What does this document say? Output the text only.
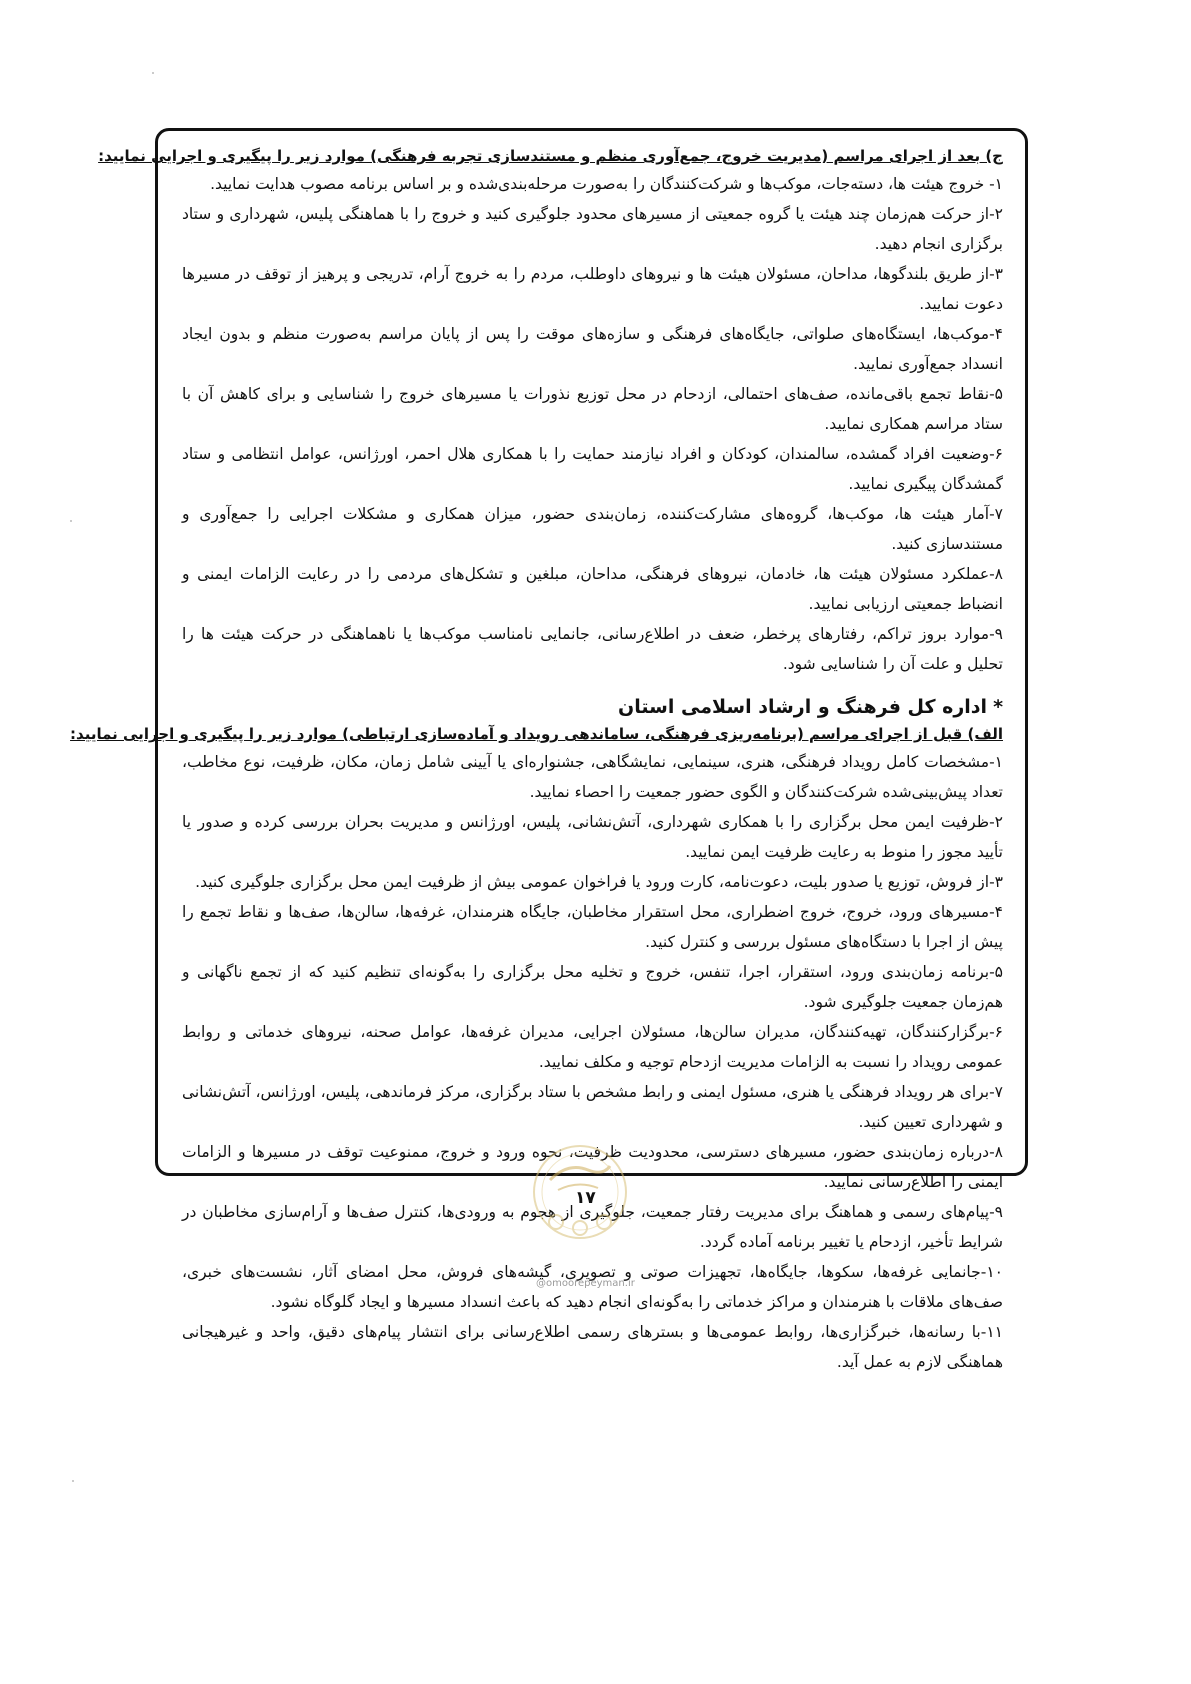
ج) بعد از اجرای مراسم (مدیریت خروج، جمع‌آوری منظم و مستندسازی تجربه فرهنگی) موارد زیر را پیگیری و اجرایی نمایید:

۱- خروج هیئت ها، دسته‌جات، موکب‌ها و شرکت‌کنندگان را به‌صورت مرحله‌بندی‌شده و بر اساس برنامه مصوب هدایت نمایید.

۲-از حرکت هم‌زمان چند هیئت یا گروه جمعیتی از مسیرهای محدود جلوگیری کنید و خروج را با هماهنگی پلیس، شهرداری و ستاد برگزاری انجام دهید.

۳-از طریق بلندگوها، مداحان، مسئولان هیئت ها و نیروهای داوطلب، مردم را به خروج آرام، تدریجی و پرهیز از توقف در مسیرها دعوت نمایید.

۴-موکب‌ها، ایستگاه‌های صلواتی، جایگاه‌های فرهنگی و سازه‌های موقت را پس از پایان مراسم به‌صورت منظم و بدون ایجاد انسداد جمع‌آوری نمایید.

۵-نقاط تجمع باقی‌مانده، صف‌های احتمالی، ازدحام در محل توزیع نذورات یا مسیرهای خروج را شناسایی و برای کاهش آن با ستاد مراسم همکاری نمایید.

۶-وضعیت افراد گمشده، سالمندان، کودکان و افراد نیازمند حمایت را با همکاری هلال احمر، اورژانس، عوامل انتظامی و ستاد گمشدگان پیگیری نمایید.

۷-آمار هیئت ها، موکب‌ها، گروه‌های مشارکت‌کننده، زمان‌بندی حضور، میزان همکاری و مشکلات اجرایی را جمع‌آوری و مستندسازی کنید.

۸-عملکرد مسئولان هیئت ها، خادمان، نیروهای فرهنگی، مداحان، مبلغین و تشکل‌های مردمی را در رعایت الزامات ایمنی و انضباط جمعیتی ارزیابی نمایید.

۹-موارد بروز تراکم، رفتارهای پرخطر، ضعف در اطلاع‌رسانی، جانمایی نامناسب موکب‌ها یا ناهماهنگی در حرکت هیئت ها را تحلیل و علت آن را شناسایی شود.

*اداره کل فرهنگ و ارشاد اسلامی استان
الف) قبل از اجرای مراسم (برنامه‌ریزی فرهنگی، ساماندهی رویداد و آماده‌سازی ارتباطی) موارد زیر را پیگیری و اجرایی نمایید:

۱-مشخصات کامل رویداد فرهنگی، هنری، سینمایی، نمایشگاهی، جشنواره‌ای یا آیینی شامل زمان، مکان، ظرفیت، نوع مخاطب، تعداد پیش‌بینی‌شده شرکت‌کنندگان و الگوی حضور جمعیت را احصاء نمایید.

۲-ظرفیت ایمن محل برگزاری را با همکاری شهرداری، آتش‌نشانی، پلیس، اورژانس و مدیریت بحران بررسی کرده و صدور یا تأیید مجوز را منوط به رعایت ظرفیت ایمن نمایید.

۳-از فروش، توزیع یا صدور بلیت، دعوت‌نامه، کارت ورود یا فراخوان عمومی بیش از ظرفیت ایمن محل برگزاری جلوگیری کنید.

۴-مسیرهای ورود، خروج، خروج اضطراری، محل استقرار مخاطبان، جایگاه هنرمندان، غرفه‌ها، سالن‌ها، صف‌ها و نقاط تجمع را پیش از اجرا با دستگاه‌های مسئول بررسی و کنترل کنید.

۵-برنامه زمان‌بندی ورود، استقرار، اجرا، تنفس، خروج و تخلیه محل برگزاری را به‌گونه‌ای تنظیم کنید که از تجمع ناگهانی و هم‌زمان جمعیت جلوگیری شود.

۶-برگزارکنندگان، تهیه‌کنندگان، مدیران سالن‌ها، مسئولان اجرایی، مدیران غرفه‌ها، عوامل صحنه، نیروهای خدماتی و روابط عمومی رویداد را نسبت به الزامات مدیریت ازدحام توجیه و مکلف نمایید.

۷-برای هر رویداد فرهنگی یا هنری، مسئول ایمنی و رابط مشخص با ستاد برگزاری، مرکز فرماندهی، پلیس، اورژانس، آتش‌نشانی و شهرداری تعیین کنید.

۸-درباره زمان‌بندی حضور، مسیرهای دسترسی، محدودیت ظرفیت، نحوه ورود و خروج، ممنوعیت توقف در مسیرها و الزامات ایمنی را اطلاع‌رسانی نمایید.

۹-پیام‌های رسمی و هماهنگ برای مدیریت رفتار جمعیت، جلوگیری از هجوم به ورودی‌ها، کنترل صف‌ها و آرام‌سازی مخاطبان در شرایط تأخیر، ازدحام یا تغییر برنامه آماده گردد.

۱۰-جانمایی غرفه‌ها، سکوها، جایگاه‌ها، تجهیزات صوتی و تصویری، گیشه‌های فروش، محل امضای آثار، نشست‌های خبری، صف‌های ملاقات با هنرمندان و مراکز خدماتی را به‌گونه‌ای انجام دهید که باعث انسداد مسیرها و ایجاد گلوگاه نشود.

۱۱-با رسانه‌ها، خبرگزاری‌ها، روابط عمومی‌ها و بسترهای رسمی اطلاع‌رسانی برای انتشار پیام‌های دقیق، واحد و غیرهیجانی هماهنگی لازم به عمل آید.

۱۷
@omoorepeyman.ir
